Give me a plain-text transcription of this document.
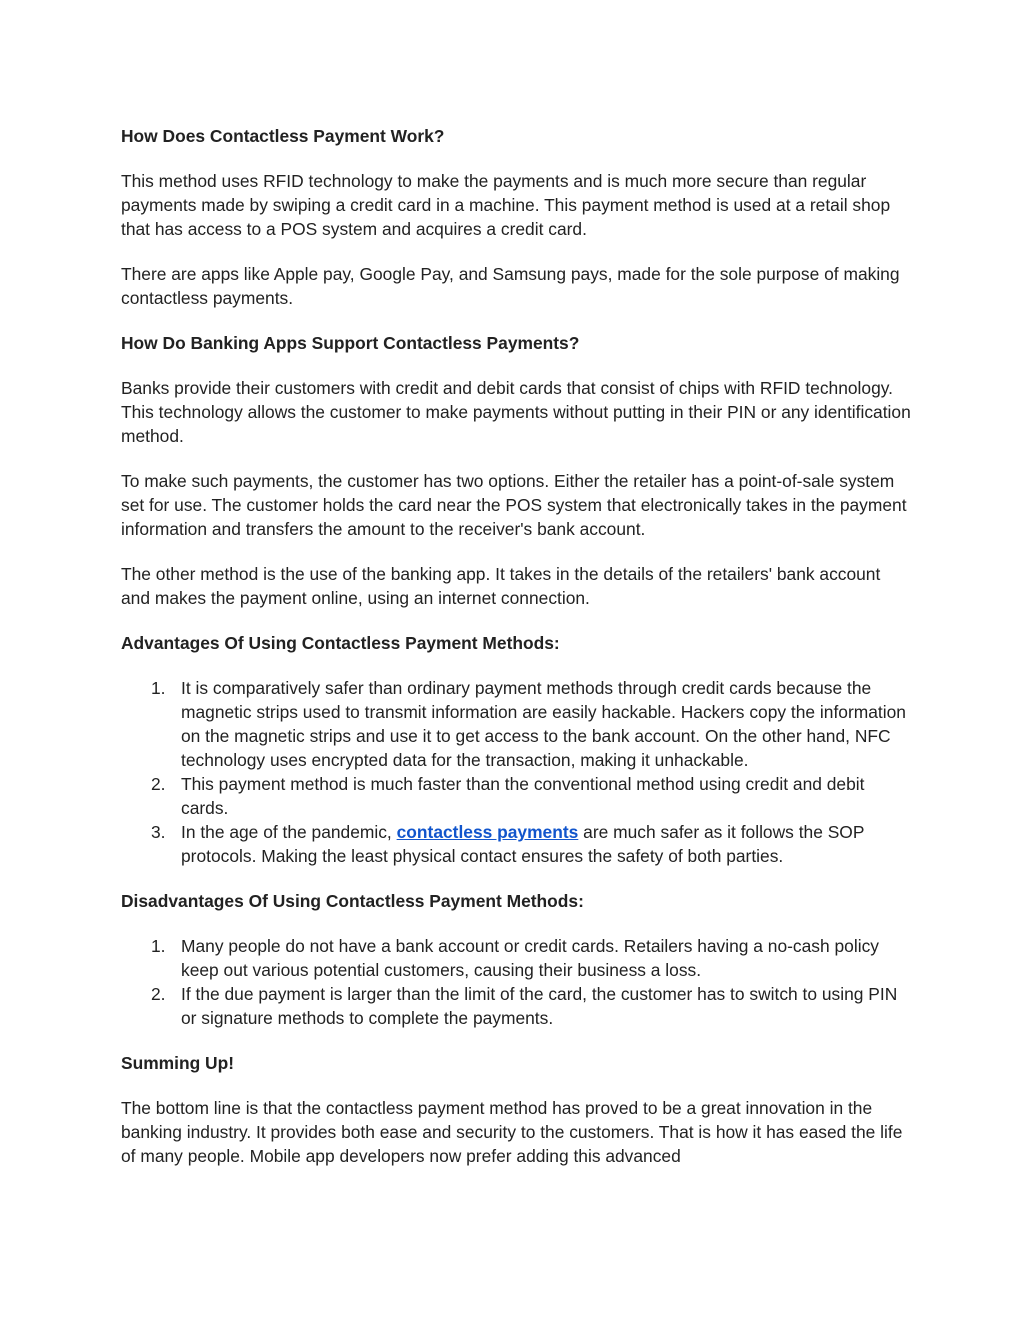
How Does Contactless Payment Work?
This method uses RFID technology to make the payments and is much more secure than regular payments made by swiping a credit card in a machine. This payment method is used at a retail shop that has access to a POS system and acquires a credit card.
There are apps like Apple pay, Google Pay, and Samsung pays, made for the sole purpose of making contactless payments.
How Do Banking Apps Support Contactless Payments?
Banks provide their customers with credit and debit cards that consist of chips with RFID technology. This technology allows the customer to make payments without putting in their PIN or any identification method.
To make such payments, the customer has two options. Either the retailer has a point-of-sale system set for use. The customer holds the card near the POS system that electronically takes in the payment information and transfers the amount to the receiver's bank account.
The other method is the use of the banking app. It takes in the details of the retailers' bank account and makes the payment online, using an internet connection.
Advantages Of Using Contactless Payment Methods:
1. It is comparatively safer than ordinary payment methods through credit cards because the magnetic strips used to transmit information are easily hackable. Hackers copy the information on the magnetic strips and use it to get access to the bank account. On the other hand, NFC technology uses encrypted data for the transaction, making it unhackable.
2. This payment method is much faster than the conventional method using credit and debit cards.
3. In the age of the pandemic, contactless payments are much safer as it follows the SOP protocols. Making the least physical contact ensures the safety of both parties.
Disadvantages Of Using Contactless Payment Methods:
1. Many people do not have a bank account or credit cards. Retailers having a no-cash policy keep out various potential customers, causing their business a loss.
2. If the due payment is larger than the limit of the card, the customer has to switch to using PIN or signature methods to complete the payments.
Summing Up!
The bottom line is that the contactless payment method has proved to be a great innovation in the banking industry. It provides both ease and security to the customers. That is how it has eased the life of many people. Mobile app developers now prefer adding this advanced
